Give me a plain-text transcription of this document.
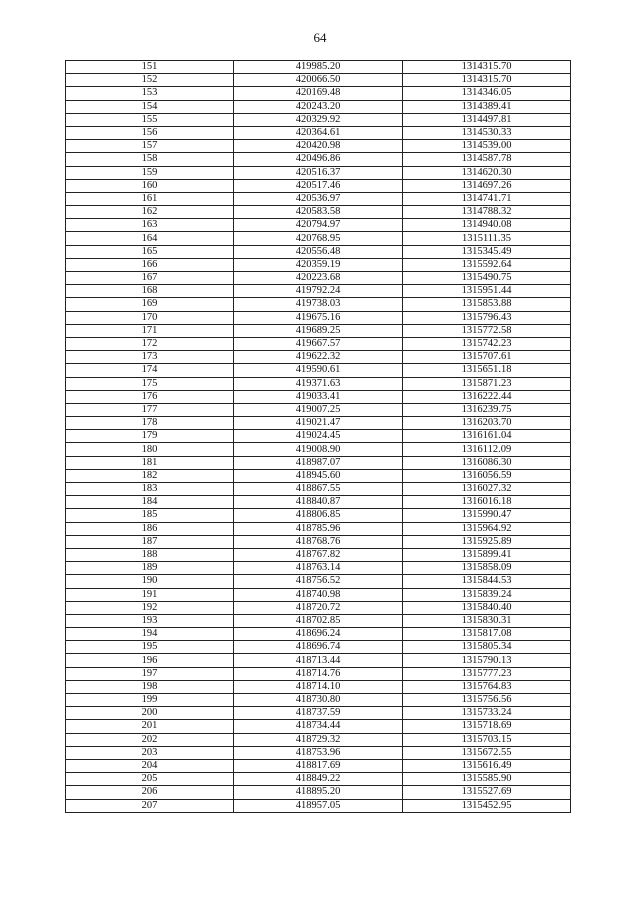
64
151	419985.20	1314315.70
152	420066.50	1314315.70
153	420169.48	1314346.05
154	420243.20	1314389.41
155	420329.92	1314497.81
156	420364.61	1314530.33
157	420420.98	1314539.00
158	420496.86	1314587.78
159	420516.37	1314620.30
160	420517.46	1314697.26
161	420536.97	1314741.71
162	420583.58	1314788.32
163	420794.97	1314940.08
164	420768.95	1315111.35
165	420556.48	1315345.49
166	420359.19	1315592.64
167	420223.68	1315490.75
168	419792.24	1315951.44
169	419738.03	1315853.88
170	419675.16	1315796.43
171	419689.25	1315772.58
172	419667.57	1315742.23
173	419622.32	1315707.61
174	419590.61	1315651.18
175	419371.63	1315871.23
176	419033.41	1316222.44
177	419007.25	1316239.75
178	419021.47	1316203.70
179	419024.45	1316161.04
180	419008.90	1316112.09
181	418987.07	1316086.30
182	418945.60	1316056.59
183	418867.55	1316027.32
184	418840.87	1316016.18
185	418806.85	1315990.47
186	418785.96	1315964.92
187	418768.76	1315925.89
188	418767.82	1315899.41
189	418763.14	1315858.09
190	418756.52	1315844.53
191	418740.98	1315839.24
192	418720.72	1315840.40
193	418702.85	1315830.31
194	418696.24	1315817.08
195	418696.74	1315805.34
196	418713.44	1315790.13
197	418714.76	1315777.23
198	418714.10	1315764.83
199	418730.80	1315756.56
200	418737.59	1315733.24
201	418734.44	1315718.69
202	418729.32	1315703.15
203	418753.96	1315672.55
204	418817.69	1315616.49
205	418849.22	1315585.90
206	418895.20	1315527.69
207	418957.05	1315452.95
